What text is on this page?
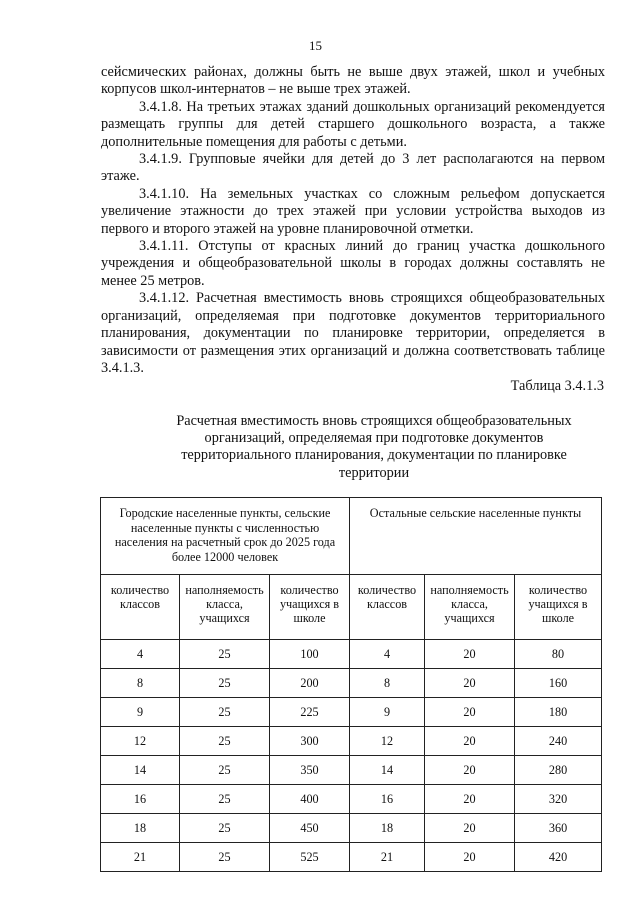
15

сейсмических районах, должны быть не выше двух этажей, школ и учебных корпусов школ-интернатов – не выше трех этажей.

3.4.1.8. На третьих этажах зданий дошкольных организаций рекомендуется размещать группы для детей старшего дошкольного возраста, а также дополнительные помещения для работы с детьми.

3.4.1.9. Групповые ячейки для детей до 3 лет располагаются на первом этаже.

3.4.1.10. На земельных участках со сложным рельефом допускается увеличение этажности до трех этажей при условии устройства выходов из первого и второго этажей на уровне планировочной отметки.

3.4.1.11. Отступы от красных линий до границ участка дошкольного учреждения и общеобразовательной школы в городах должны составлять не менее 25 метров.

3.4.1.12. Расчетная вместимость вновь строящихся общеобразовательных организаций, определяемая при подготовке документов территориального планирования, документации по планировке территории, определяется в зависимости от размещения этих организаций и должна соответствовать таблице 3.4.1.3.

Таблица 3.4.1.3
Расчетная вместимость вновь строящихся общеобразовательных организаций, определяемая при подготовке документов территориального планирования, документации по планировке территории
Городские населенные пункты, сельские населенные пункты с численностью населения на расчетный срок до 2025 года более 12000 человек			Остальные сельские населенные пункты		
количество классов	наполняемость класса, учащихся	количество учащихся в школе	количество классов	наполняемость класса, учащихся	количество учащихся в школе
4	25	100	4	20	80
8	25	200	8	20	160
9	25	225	9	20	180
12	25	300	12	20	240
14	25	350	14	20	280
16	25	400	16	20	320
18	25	450	18	20	360
21	25	525	21	20	420
